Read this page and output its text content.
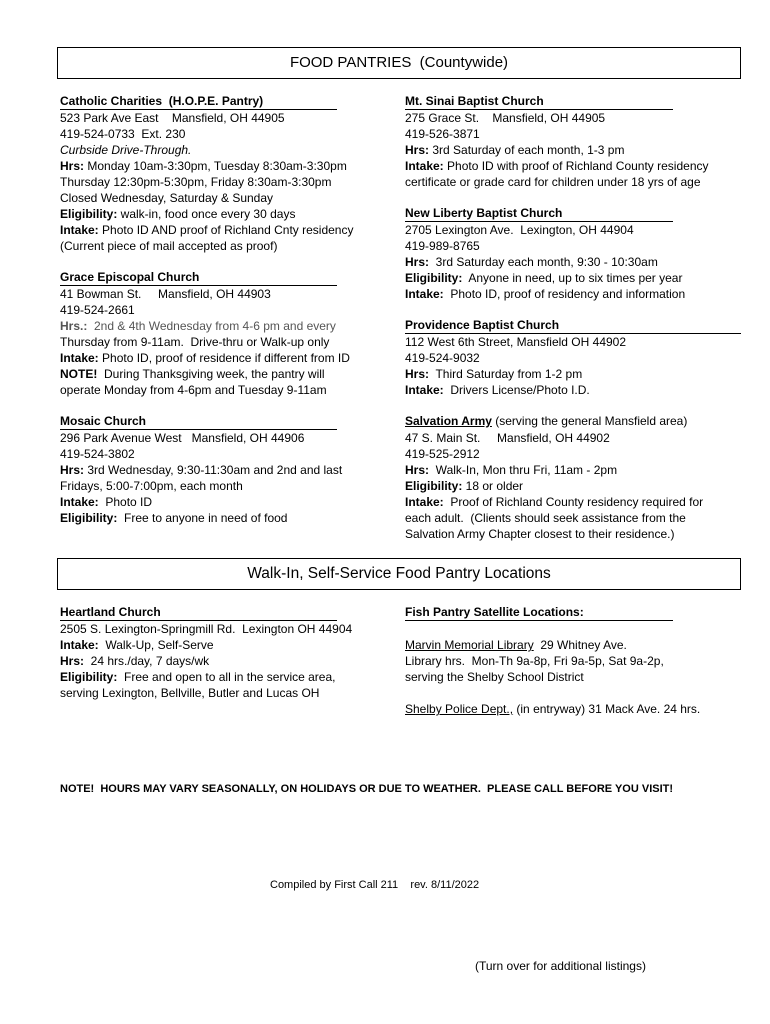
FOOD PANTRIES  (Countywide)
Catholic Charities  (H.O.P.E. Pantry)
523 Park Ave East    Mansfield, OH 44905
419-524-0733  Ext. 230
Curbside Drive-Through.
Hrs: Monday 10am-3:30pm, Tuesday 8:30am-3:30pm
Thursday 12:30pm-5:30pm, Friday 8:30am-3:30pm
Closed Wednesday, Saturday & Sunday
Eligibility: walk-in, food once every 30 days
Intake: Photo ID AND proof of Richland Cnty residency
(Current piece of mail accepted as proof)
Grace Episcopal Church
41 Bowman St.     Mansfield, OH 44903
419-524-2661
Hrs.:  2nd & 4th Wednesday from 4-6 pm and every
Thursday from 9-11am.  Drive-thru or Walk-up only
Intake: Photo ID, proof of residence if different from ID
NOTE!  During Thanksgiving week, the pantry will
operate Monday from 4-6pm and Tuesday 9-11am
Mosaic Church
296 Park Avenue West   Mansfield, OH 44906
419-524-3802
Hrs: 3rd Wednesday, 9:30-11:30am and 2nd and last
Fridays, 5:00-7:00pm, each month
Intake:  Photo ID
Eligibility:  Free to anyone in need of food
Mt. Sinai Baptist Church
275 Grace St.    Mansfield, OH 44905
419-526-3871
Hrs: 3rd Saturday of each month, 1-3 pm
Intake: Photo ID with proof of Richland County residency
certificate or grade card for children under 18 yrs of age
New Liberty Baptist Church
2705 Lexington Ave.  Lexington, OH 44904
419-989-8765
Hrs:  3rd Saturday each month, 9:30 - 10:30am
Eligibility:  Anyone in need, up to six times per year
Intake:  Photo ID, proof of residency and information
Providence Baptist Church
112 West 6th Street, Mansfield OH 44902
419-524-9032
Hrs:  Third Saturday from 1-2 pm
Intake:  Drivers License/Photo I.D.
Salvation Army (serving the general Mansfield area)
47 S. Main St.     Mansfield, OH 44902
419-525-2912
Hrs:  Walk-In, Mon thru Fri, 11am - 2pm
Eligibility: 18 or older
Intake:  Proof of Richland County residency required for
each adult.  (Clients should seek assistance from the
Salvation Army Chapter closest to their residence.)
Walk-In, Self-Service Food Pantry Locations
Heartland Church
2505 S. Lexington-Springmill Rd.  Lexington OH 44904
Intake:  Walk-Up, Self-Serve
Hrs:  24 hrs./day, 7 days/wk
Eligibility:  Free and open to all in the service area,
serving Lexington, Bellville, Butler and Lucas OH
Fish Pantry Satellite Locations:
Marvin Memorial Library  29 Whitney Ave.
Library hrs.  Mon-Th 9a-8p, Fri 9a-5p, Sat 9a-2p,
serving the Shelby School District
Shelby Police Dept., (in entryway) 31 Mack Ave. 24 hrs.
NOTE!  HOURS MAY VARY SEASONALLY, ON HOLIDAYS OR DUE TO WEATHER.  PLEASE CALL BEFORE YOU VISIT!
Compiled by First Call 211    rev. 8/11/2022
(Turn over for additional listings)
